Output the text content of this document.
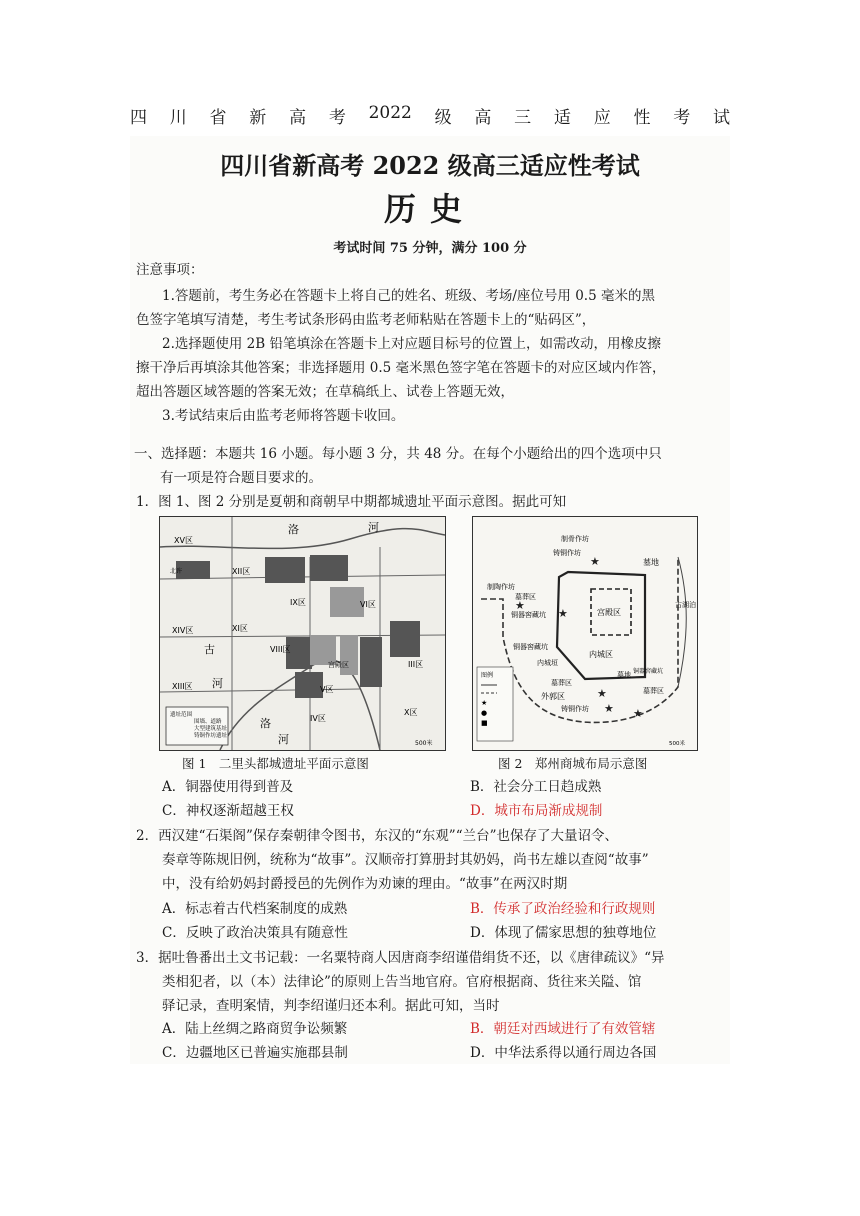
四 川 省 新 高 考 2022 级 高 三 适 应 性 考 试
四川省新高考 2022 级高三适应性考试
历史
考试时间 75 分钟，满分 100 分
注意事项：
1.答题前，考生务必在答题卡上将自己的姓名、班级、考场/座位号用 0.5 毫米的黑
色签字笔填写清楚，考生考试条形码由监考老师粘贴在答题卡上的“贴码区”，
2.选择题使用 2B 铅笔填涂在答题卡上对应题目标号的位置上，如需改动，用橡皮擦
擦干净后再填涂其他答案；非选择题用 0.5 毫米黑色签字笔在答题卡的对应区域内作答，
超出答题区域答题的答案无效；在草稿纸上、试卷上答题无效，
3.考试结束后由监考老师将答题卡收回。
一、选择题：本题共 16 小题。每小题 3 分，共 48 分。在每个小题给出的四个选项中只
有一项是符合题目要求的。
1．图 1、图 2 分别是夏朝和商朝早中期都城遗址平面示意图。据此可知
遗址范围
围墙、道路
大型建筑基址
铸铜作坊遗址
500米
洛	河
XV区
北许	XII区
IX区	VI区
XIV区	XI区
VIII区
宫殿区
V区
XIII区
IV区
III区
X区
古
河
洛
河
图 1　二里头都城遗址平面示意图
★
★
★
★
★ ★
图例
★
●
■
500米
制骨作坊
铸铜作坊
制陶作坊
墓葬区
铜器窖藏坑	宫殿区
墓地
古湖泊
内城区
铜器窖藏坑
内城垣
墓地 铜器窖藏坑
墓葬区
墓葬区
外郭区
铸铜作坊
图 2　郑州商城布局示意图
A．铜器使用得到普及	B．社会分工日趋成熟
C．神权逐渐超越王权	D．城市布局渐成规制
2．西汉建“石渠阁”保存秦朝律令图书，东汉的“东观”“兰台”也保存了大量诏令、
奏章等陈规旧例，统称为“故事”。汉顺帝打算册封其奶妈，尚书左雄以查阅“故事”
中，没有给奶妈封爵授邑的先例作为劝谏的理由。“故事”在两汉时期
A．标志着古代档案制度的成熟	B．传承了政治经验和行政规则
C．反映了政治决策具有随意性	D．体现了儒家思想的独尊地位
3．据吐鲁番出土文书记载：一名粟特商人因唐商李绍谨借绢货不还，以《唐律疏议》“异
类相犯者，以（本）法律论”的原则上告当地官府。官府根据商、货往来关隘、馆
驿记录，查明案情，判李绍谨归还本利。据此可知，当时
A．陆上丝绸之路商贸争讼频繁	B．朝廷对西域进行了有效管辖
C．边疆地区已普遍实施郡县制	D．中华法系得以通行周边各国
